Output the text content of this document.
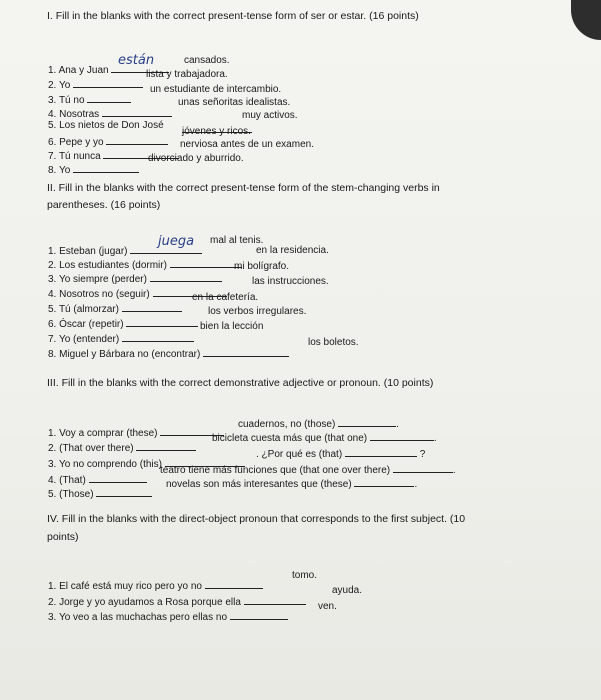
I. Fill in the blanks with the correct present-tense form of ser or estar. (16 points)
1. Ana y Juan
están	cansados.
2. Yo
lista y trabajadora.
3. Tú no
un estudiante de intercambio.
4. Nosotras
unas señoritas idealistas.
5. Los nietos de Don José
muy activos.
6. Pepe y yo
jóvenes y ricos.
7. Tú nunca
nerviosa antes de un examen.
8. Yo
divorciado y aburrido.
II. Fill in the blanks with the correct present-tense form of the stem-changing verbs in
parentheses. (16 points)
1. Esteban (jugar)
juega mal al tenis.
2. Los estudiantes (dormir)
en la residencia.
3. Yo siempre (perder)
mi bolígrafo.
4. Nosotros no (seguir)
las instrucciones.
5. Tú (almorzar)
en la cafetería.
6. Óscar (repetir)
los verbos irregulares.
7. Yo (entender)
bien la lección
8. Miguel y Bárbara no (encontrar)
los boletos.
III. Fill in the blanks with the correct demonstrative adjective or pronoun. (10 points)
1. Voy a comprar (these)
cuadernos, no (those)	.
2. (That over there)
bicicleta cuesta más que (that one)	.
3. Yo no comprendo (this)
. ¿Por qué es (that)	?
4. (That)
teatro tiene más funciones que (that one over there)	.
5. (Those)
novelas son más interesantes que (these)	.
IV. Fill in the blanks with the direct-object pronoun that corresponds to the first subject. (10
points)
1. El café está muy rico pero yo no
tomo.
2. Jorge y yo ayudamos a Rosa porque ella
ayuda.
3. Yo veo a las muchachas pero ellas no
ven.
